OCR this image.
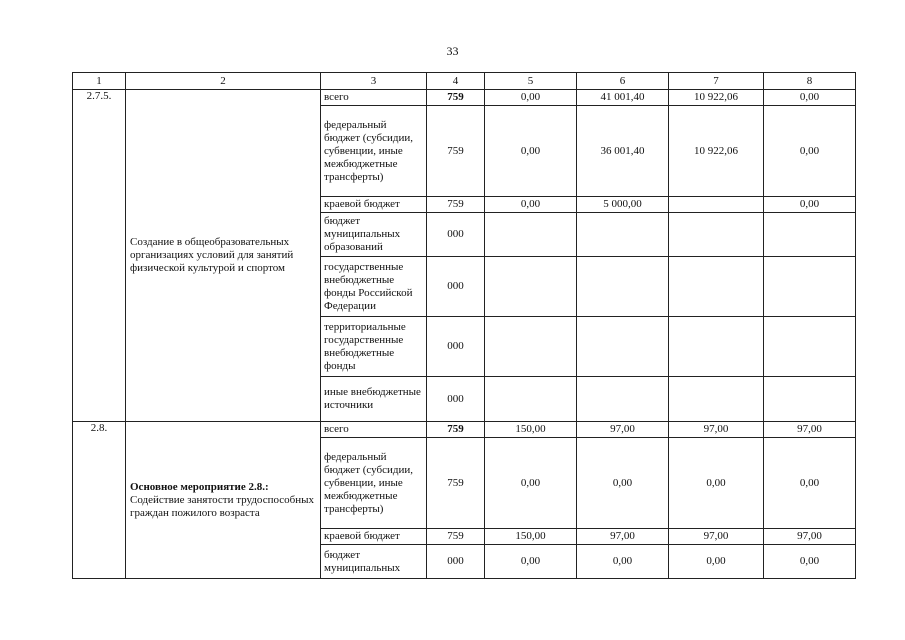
33
1	2	3	4	5	6	7	8
2.7.5.	Создание в общеобразовательных организациях условий для занятий физической культурой и спортом	всего	759	0,00	41 001,40	10 922,06	0,00
		федеральный бюджет (субсидии, субвенции, иные межбюджетные трансферты)	759	0,00	36 001,40	10 922,06	0,00
		краевой бюджет	759	0,00	5 000,00		0,00
		бюджет муниципальных образований	000				
		государственные внебюджетные фонды Российской Федерации	000				
		территориальные государственные внебюджетные фонды	000				
		иные внебюджетные источники	000				
2.8.	Основное мероприятие 2.8.: Содействие занятости трудоспособных граждан пожилого возраста	всего	759	150,00	97,00	97,00	97,00
		федеральный бюджет (субсидии, субвенции, иные межбюджетные трансферты)	759	0,00	0,00	0,00	0,00
		краевой бюджет	759	150,00	97,00	97,00	97,00
		бюджет муниципальных	000	0,00	0,00	0,00	0,00
